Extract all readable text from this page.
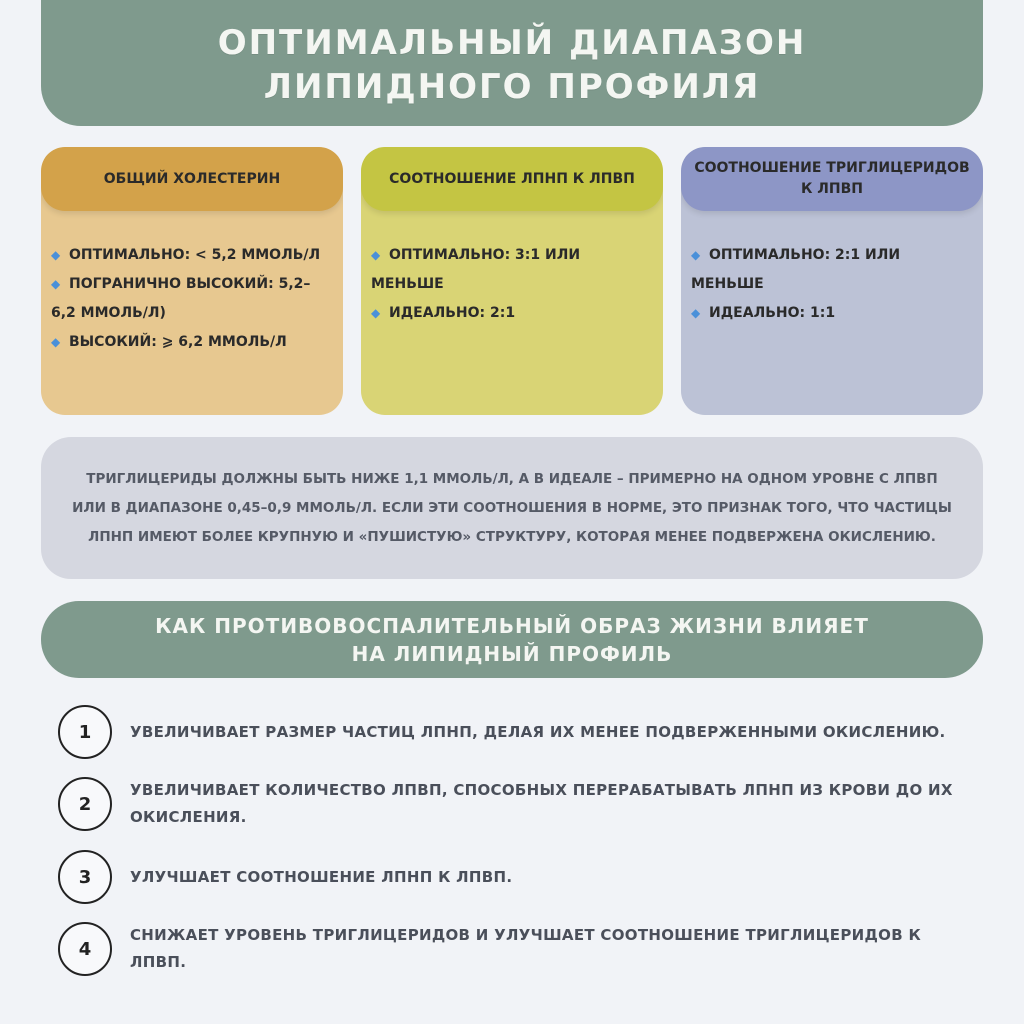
ОПТИМАЛЬНЫЙ ДИАПАЗОН
ЛИПИДНОГО ПРОФИЛЯ
ОБЩИЙ ХОЛЕСТЕРИН

◆ ОПТИМАЛЬНО: < 5,2 ММОЛЬ/Л

◆ ПОГРАНИЧНО ВЫСОКИЙ: 5,2–6,2 ММОЛЬ/Л)

◆ ВЫСОКИЙ: ⩾ 6,2 ММОЛЬ/Л

СООТНОШЕНИЕ ЛПНП К ЛПВП

◆ ОПТИМАЛЬНО: 3:1 ИЛИ МЕНЬШЕ

◆ ИДЕАЛЬНО: 2:1

СООТНОШЕНИЕ ТРИГЛИЦЕРИДОВ К ЛПВП

◆ ОПТИМАЛЬНО: 2:1 ИЛИ МЕНЬШЕ

◆ ИДЕАЛЬНО: 1:1

ТРИГЛИЦЕРИДЫ ДОЛЖНЫ БЫТЬ НИЖЕ 1,1 ММОЛЬ/Л, А В ИДЕАЛЕ – ПРИМЕРНО НА ОДНОМ УРОВНЕ С ЛПВП ИЛИ В ДИАПАЗОНЕ 0,45–0,9 ММОЛЬ/Л. ЕСЛИ ЭТИ СООТНОШЕНИЯ В НОРМЕ, ЭТО ПРИЗНАК ТОГО, ЧТО ЧАСТИЦЫ ЛПНП ИМЕЮТ БОЛЕЕ КРУПНУЮ И «ПУШИСТУЮ» СТРУКТУРУ, КОТОРАЯ МЕНЕЕ ПОДВЕРЖЕНА ОКИСЛЕНИЮ.
КАК ПРОТИВОВОСПАЛИТЕЛЬНЫЙ ОБРАЗ ЖИЗНИ ВЛИЯЕТ
НА ЛИПИДНЫЙ ПРОФИЛЬ
1	УВЕЛИЧИВАЕТ РАЗМЕР ЧАСТИЦ ЛПНП, ДЕЛАЯ ИХ МЕНЕЕ ПОДВЕРЖЕННЫМИ ОКИСЛЕНИЮ.
2
УВЕЛИЧИВАЕТ КОЛИЧЕСТВО ЛПВП, СПОСОБНЫХ ПЕРЕРАБАТЫВАТЬ ЛПНП ИЗ КРОВИ ДО ИХ ОКИСЛЕНИЯ.
3	УЛУЧШАЕТ СООТНОШЕНИЕ ЛПНП К ЛПВП.
4
СНИЖАЕТ УРОВЕНЬ ТРИГЛИЦЕРИДОВ И УЛУЧШАЕТ СООТНОШЕНИЕ ТРИГЛИЦЕРИДОВ К ЛПВП.
